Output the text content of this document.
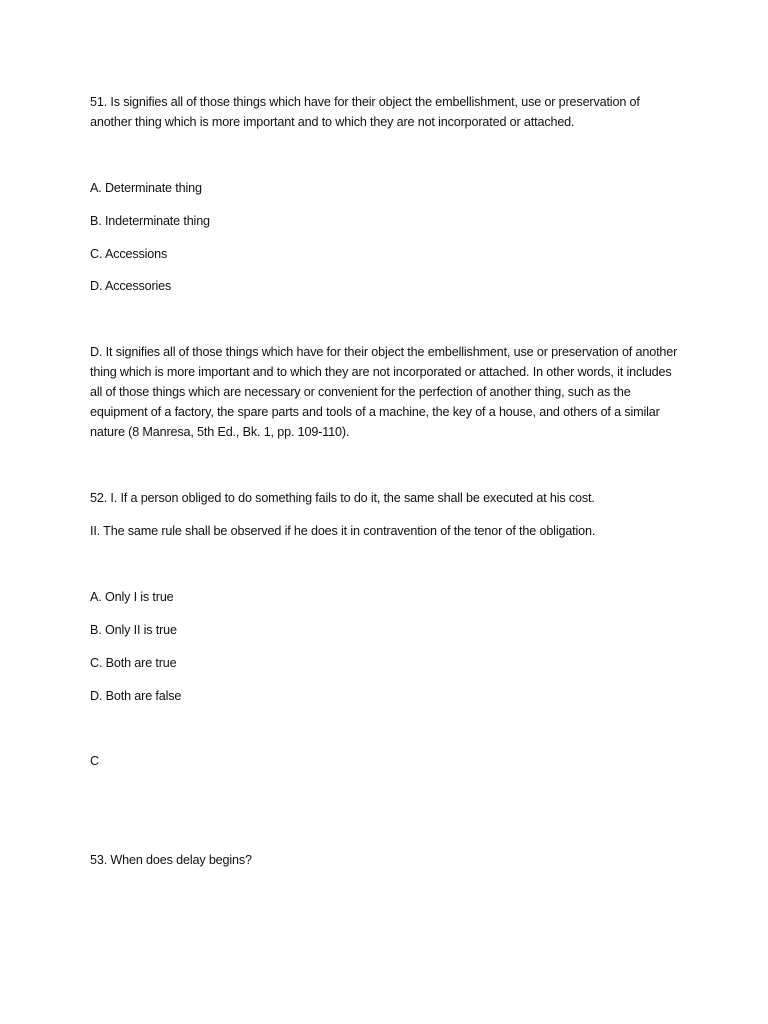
51. Is signifies all of those things which have for their object the embellishment, use or preservation of another thing which is more important and to which they are not incorporated or attached.

A. Determinate thing

B. Indeterminate thing

C. Accessions

D. Accessories

D. It signifies all of those things which have for their object the embellishment, use or preservation of another thing which is more important and to which they are not incorporated or attached. In other words, it includes all of those things which are necessary or convenient for the perfection of another thing, such as the equipment of a factory, the spare parts and tools of a machine, the key of a house, and others of a similar nature (8 Manresa, 5th Ed., Bk. 1, pp. 109-110).

52. I. If a person obliged to do something fails to do it, the same shall be executed at his cost.

II. The same rule shall be observed if he does it in contravention of the tenor of the obligation.

A. Only I is true

B. Only II is true

C. Both are true

D. Both are false

C

53. When does delay begins?
